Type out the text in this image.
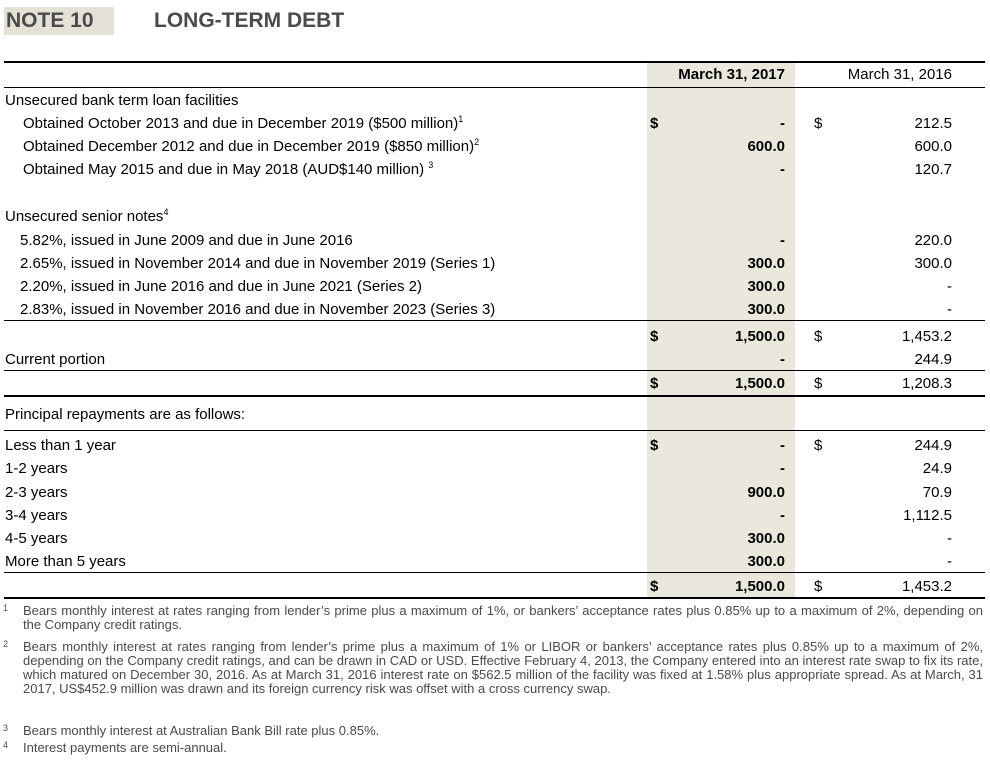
NOTE 10	LONG-TERM DEBT
March 31, 2017	March 31, 2016
Unsecured bank term loan facilities
Obtained October 2013 and due in December 2019 ($500 million)$^1$	$	- $	212.5
Obtained December 2012 and due in December 2019 ($850 million)$^2$	600.0	600.0
Obtained May 2015 and due in May 2018 (AUD$140 million) $^3$	-	120.7
Unsecured senior notes$^4$
5.82%, issued in June 2009 and due in June 2016	-	220.0
2.65%, issued in November 2014 and due in November 2019 (Series 1)	300.0	300.0
2.20%, issued in June 2016 and due in June 2021 (Series 2)	300.0	-
2.83%, issued in November 2016 and due in November 2023 (Series 3)	300.0	-
$	1,500.0 $	1,453.2
Current portion	-	244.9
$	1,500.0 $	1,208.3
Principal repayments are as follows:
Less than 1 year	$	- $	244.9
1-2 years	-	24.9
2-3 years	900.0	70.9
3-4 years	-	1,112.5
4-5 years	300.0	-
More than 5 years	300.0	-
$	1,500.0 $	1,453.2
1 Bears monthly interest at rates ranging from lender’s prime plus a maximum of 1%, or bankers’ acceptance rates plus 0.85% up to a maximum of 2%, depending on the Company credit ratings.
2 Bears monthly interest at rates ranging from lender’s prime plus a maximum of 1% or LIBOR or bankers’ acceptance rates plus 0.85% up to a maximum of 2%, depending on the Company credit ratings, and can be drawn in CAD or USD. Effective February 4, 2013, the Company entered into an interest rate swap to fix its rate, which matured on December 30, 2016. As at March 31, 2016 interest rate on $562.5 million of the facility was fixed at 1.58% plus appropriate spread. As at March, 31 2017, US$452.9 million was drawn and its foreign currency risk was offset with a cross currency swap.
3 Bears monthly interest at Australian Bank Bill rate plus 0.85%.
4 Interest payments are semi-annual.
